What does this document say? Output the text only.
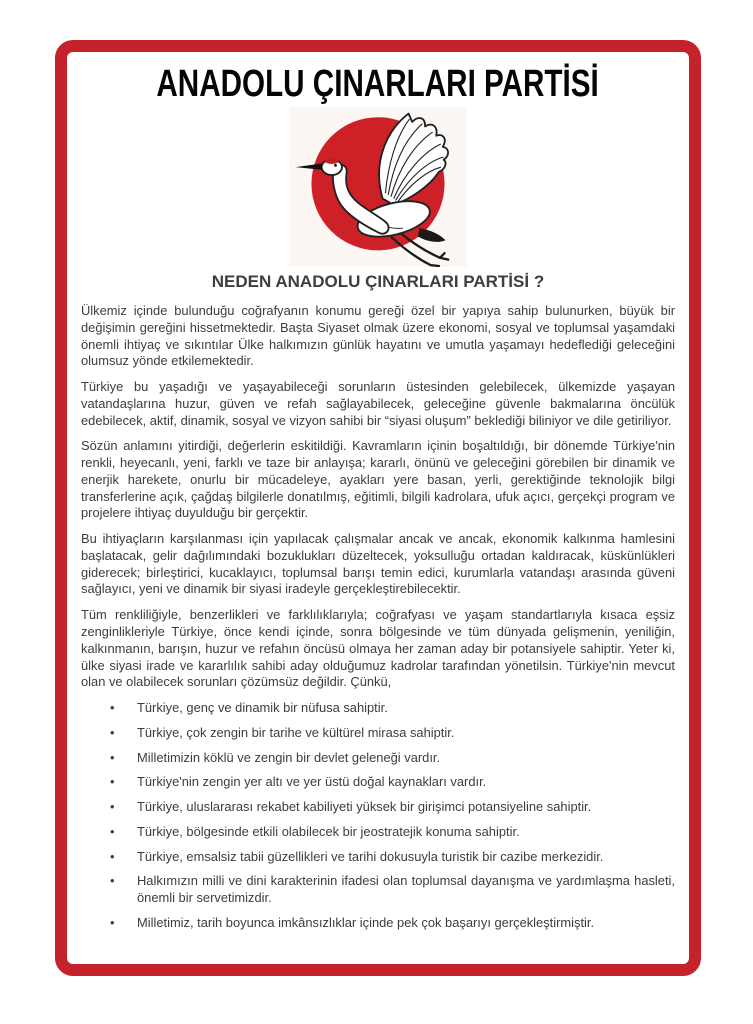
ANADOLU ÇINARLARI PARTİSİ
NEDEN ANADOLU ÇINARLARI PARTİSİ ?

Ülkemiz içinde bulunduğu coğrafyanın konumu gereği özel bir yapıya sahip bulunurken, büyük bir değişimin gereğini hissetmektedir. Başta Siyaset olmak üzere ekonomi, sosyal ve toplumsal yaşamdaki önemli ihtiyaç ve sıkıntılar Ülke halkımızın günlük hayatını ve umutla yaşamayı hedeflediği geleceğini olumsuz yönde etkilemektedir.

Türkiye bu yaşadığı ve yaşayabileceği sorunların üstesinden gelebilecek, ülkemizde yaşayan vatandaşlarına huzur, güven ve refah sağlayabilecek, geleceğine güvenle bakmalarına öncülük edebilecek, aktif, dinamik, sosyal ve vizyon sahibi bir “siyasi oluşum” beklediği biliniyor ve dile getiriliyor.

Sözün anlamını yitirdiği, değerlerin eskitildiği. Kavramların içinin boşaltıldığı, bir dönemde Türkiye'nin renkli, heyecanlı, yeni, farklı ve taze bir anlayışa; kararlı, önünü ve geleceğini görebilen bir dinamik ve enerjik harekete, onurlu bir mücadeleye, ayakları yere basan, yerli, gerektiğinde teknolojik bilgi transferlerine açık, çağdaş bilgilerle donatılmış, eğitimli, bilgili kadrolara, ufuk açıcı, gerçekçi program ve projelere ihtiyaç duyulduğu bir gerçektir.

Bu ihtiyaçların karşılanması için yapılacak çalışmalar ancak ve ancak, ekonomik kalkınma hamlesini başlatacak, gelir dağılımındaki bozuklukları düzeltecek, yoksulluğu ortadan kaldıracak, küskünlükleri giderecek; birleştirici, kucaklayıcı, toplumsal barışı temin edici, kurumlarla vatandaşı arasında güveni sağlayıcı, yeni ve dinamik bir siyasi iradeyle gerçekleştirebilecektir.

Tüm renkliliğiyle, benzerlikleri ve farklılıklarıyla; coğrafyası ve yaşam standartlarıyla kısaca eşsiz zenginlikleriyle Türkiye, önce kendi içinde, sonra bölgesinde ve tüm dünyada gelişmenin, yeniliğin, kalkınmanın, barışın, huzur ve refahın öncüsü olmaya her zaman aday bir potansiyele sahiptir. Yeter ki, ülke siyasi irade ve kararlılık sahibi aday olduğumuz kadrolar tarafından yönetilsin. Türkiye'nin mevcut olan ve olabilecek sorunları çözümsüz değildir. Çünkü,

• Türkiye, genç ve dinamik bir nüfusa sahiptir.
• Türkiye, çok zengin bir tarihe ve kültürel mirasa sahiptir.
• Milletimizin köklü ve zengin bir devlet geleneği vardır.
• Türkiye'nin zengin yer altı ve yer üstü doğal kaynakları vardır.
• Türkiye, uluslararası rekabet kabiliyeti yüksek bir girişimci potansiyeline sahiptir.
• Türkiye, bölgesinde etkili olabilecek bir jeostratejik konuma sahiptir.
• Türkiye, emsalsiz tabii güzellikleri ve tarihi dokusuyla turistik bir cazibe merkezidir.
• Halkımızın milli ve dini karakterinin ifadesi olan toplumsal dayanışma ve yardımlaşma hasleti, önemli bir servetimizdir.
• Milletimiz, tarih boyunca imkânsızlıklar içinde pek çok başarıyı gerçekleştirmiştir.
